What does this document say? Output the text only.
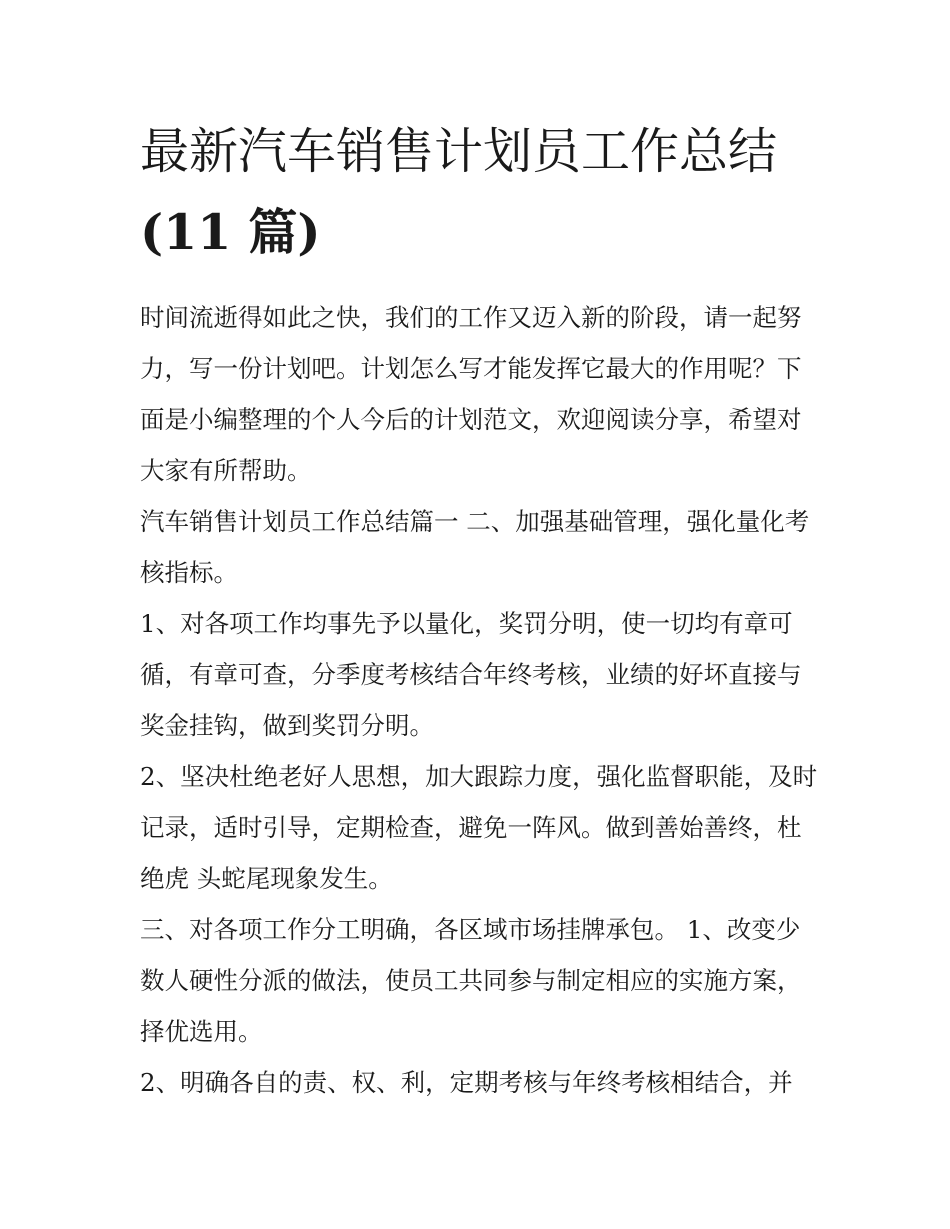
最新汽车销售计划员工作总结
(11 篇)

时间流逝得如此之快，我们的工作又迈入新的阶段，请一起努力，写一份计划吧。计划怎么写才能发挥它最大的作用呢？下面是小编整理的个人今后的计划范文，欢迎阅读分享，希望对大家有所帮助。

汽车销售计划员工作总结篇一 二、加强基础管理，强化量化考核指标。

1、对各项工作均事先予以量化，奖罚分明，使一切均有章可循，有章可查，分季度考核结合年终考核，业绩的好坏直接与奖金挂钩，做到奖罚分明。

2、坚决杜绝老好人思想，加大跟踪力度，强化监督职能，及时记录，适时引导，定期检查，避免一阵风。做到善始善终，杜绝虎 头蛇尾现象发生。

三、对各项工作分工明确，各区域市场挂牌承包。 1、改变少数人硬性分派的做法，使员工共同参与制定相应的实施方案，择优选用。

2、明确各自的责、权、利，定期考核与年终考核相结合，并
